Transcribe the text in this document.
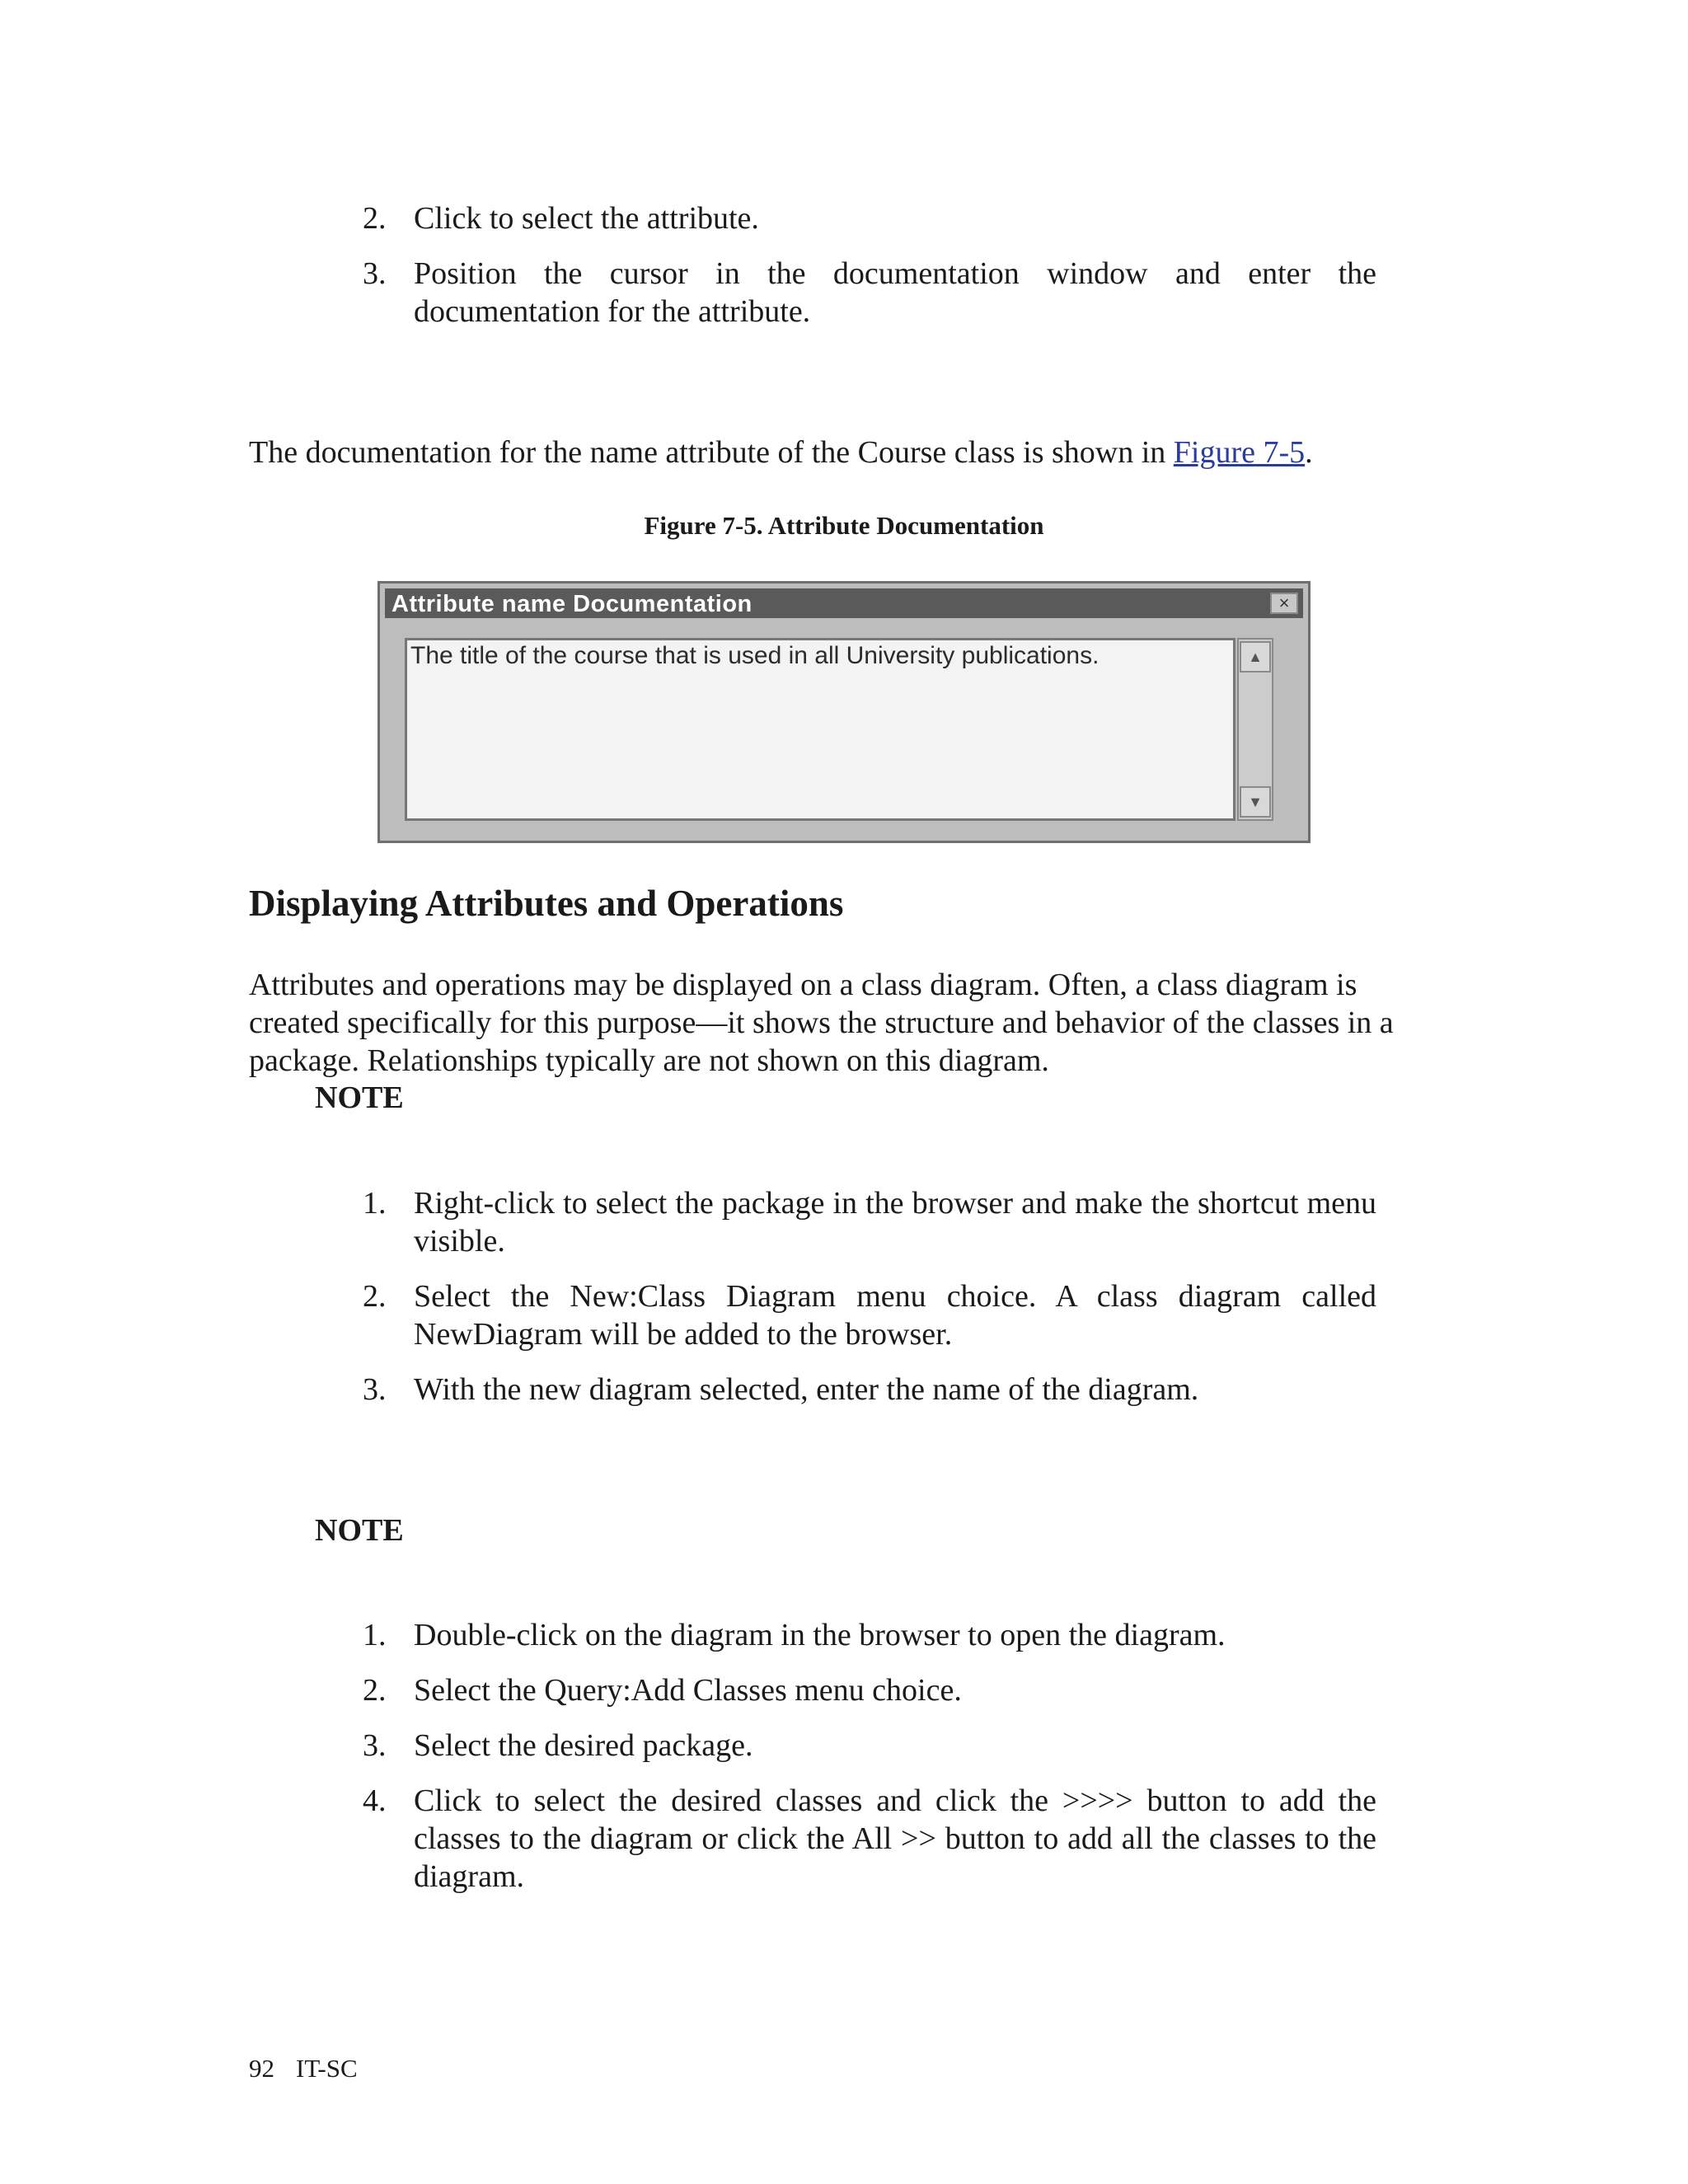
2. Click to select the attribute.
3. Position the cursor in the documentation window and enter the documentation for the attribute.

The documentation for the name attribute of the Course class is shown in Figure 7-5.

Figure 7-5. Attribute Documentation

Attribute name Documentation	×
The title of the course that is used in all University publications.	▲
▼
Displaying Attributes and Operations

Attributes and operations may be displayed on a class diagram. Often, a class diagram is created specifically for this purpose—it shows the structure and behavior of the classes in a package. Relationships typically are not shown on this diagram.

NOTE

1. Right-click to select the package in the browser and make the shortcut menu visible.
2. Select the New:Class Diagram menu choice. A class diagram called NewDiagram will be added to the browser.
3. With the new diagram selected, enter the name of the diagram.

NOTE

1. Double-click on the diagram in the browser to open the diagram.
2. Select the Query:Add Classes menu choice.
3. Select the desired package.
4. Click to select the desired classes and click the >>>> button to add the classes to the diagram or click the All >> button to add all the classes to the diagram.

92 IT-SC
